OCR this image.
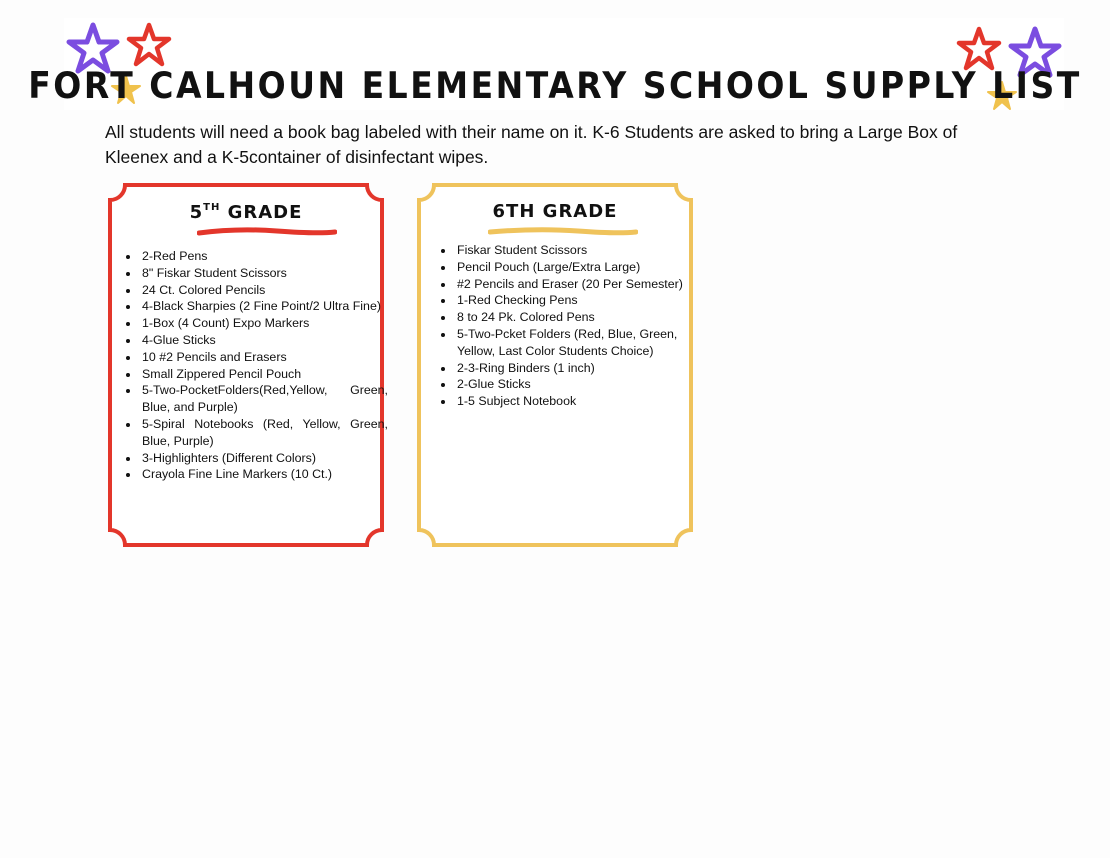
FORT CALHOUN ELEMENTARY SCHOOL SUPPLY LIST

All students will need a book bag labeled with their name on it. K-6 Students are asked to bring a Large Box of Kleenex and a K-5container of disinfectant wipes.

5TH GRADE
• 2-Red Pens
• 8" Fiskar Student Scissors
• 24 Ct. Colored Pencils
• 4-Black Sharpies (2 Fine Point/2 Ultra Fine)
• 1-Box (4 Count) Expo Markers
• 4-Glue Sticks
• 10 #2 Pencils and Erasers
• Small Zippered Pencil Pouch
• 5-Two-PocketFolders(Red,Yellow, Green, Blue, and Purple)
• 5-Spiral Notebooks (Red, Yellow, Green, Blue, Purple)
• 3-Highlighters (Different Colors)
• Crayola Fine Line Markers (10 Ct.)
6TH GRADE
• Fiskar Student Scissors
• Pencil Pouch (Large/Extra Large)
• #2 Pencils and Eraser (20 Per Semester)
• 1-Red Checking Pens
• 8 to 24 Pk. Colored Pens
• 5-Two-Pcket Folders (Red, Blue, Green, Yellow, Last Color Students Choice)
• 2-3-Ring Binders (1 inch)
• 2-Glue Sticks
• 1-5 Subject Notebook
